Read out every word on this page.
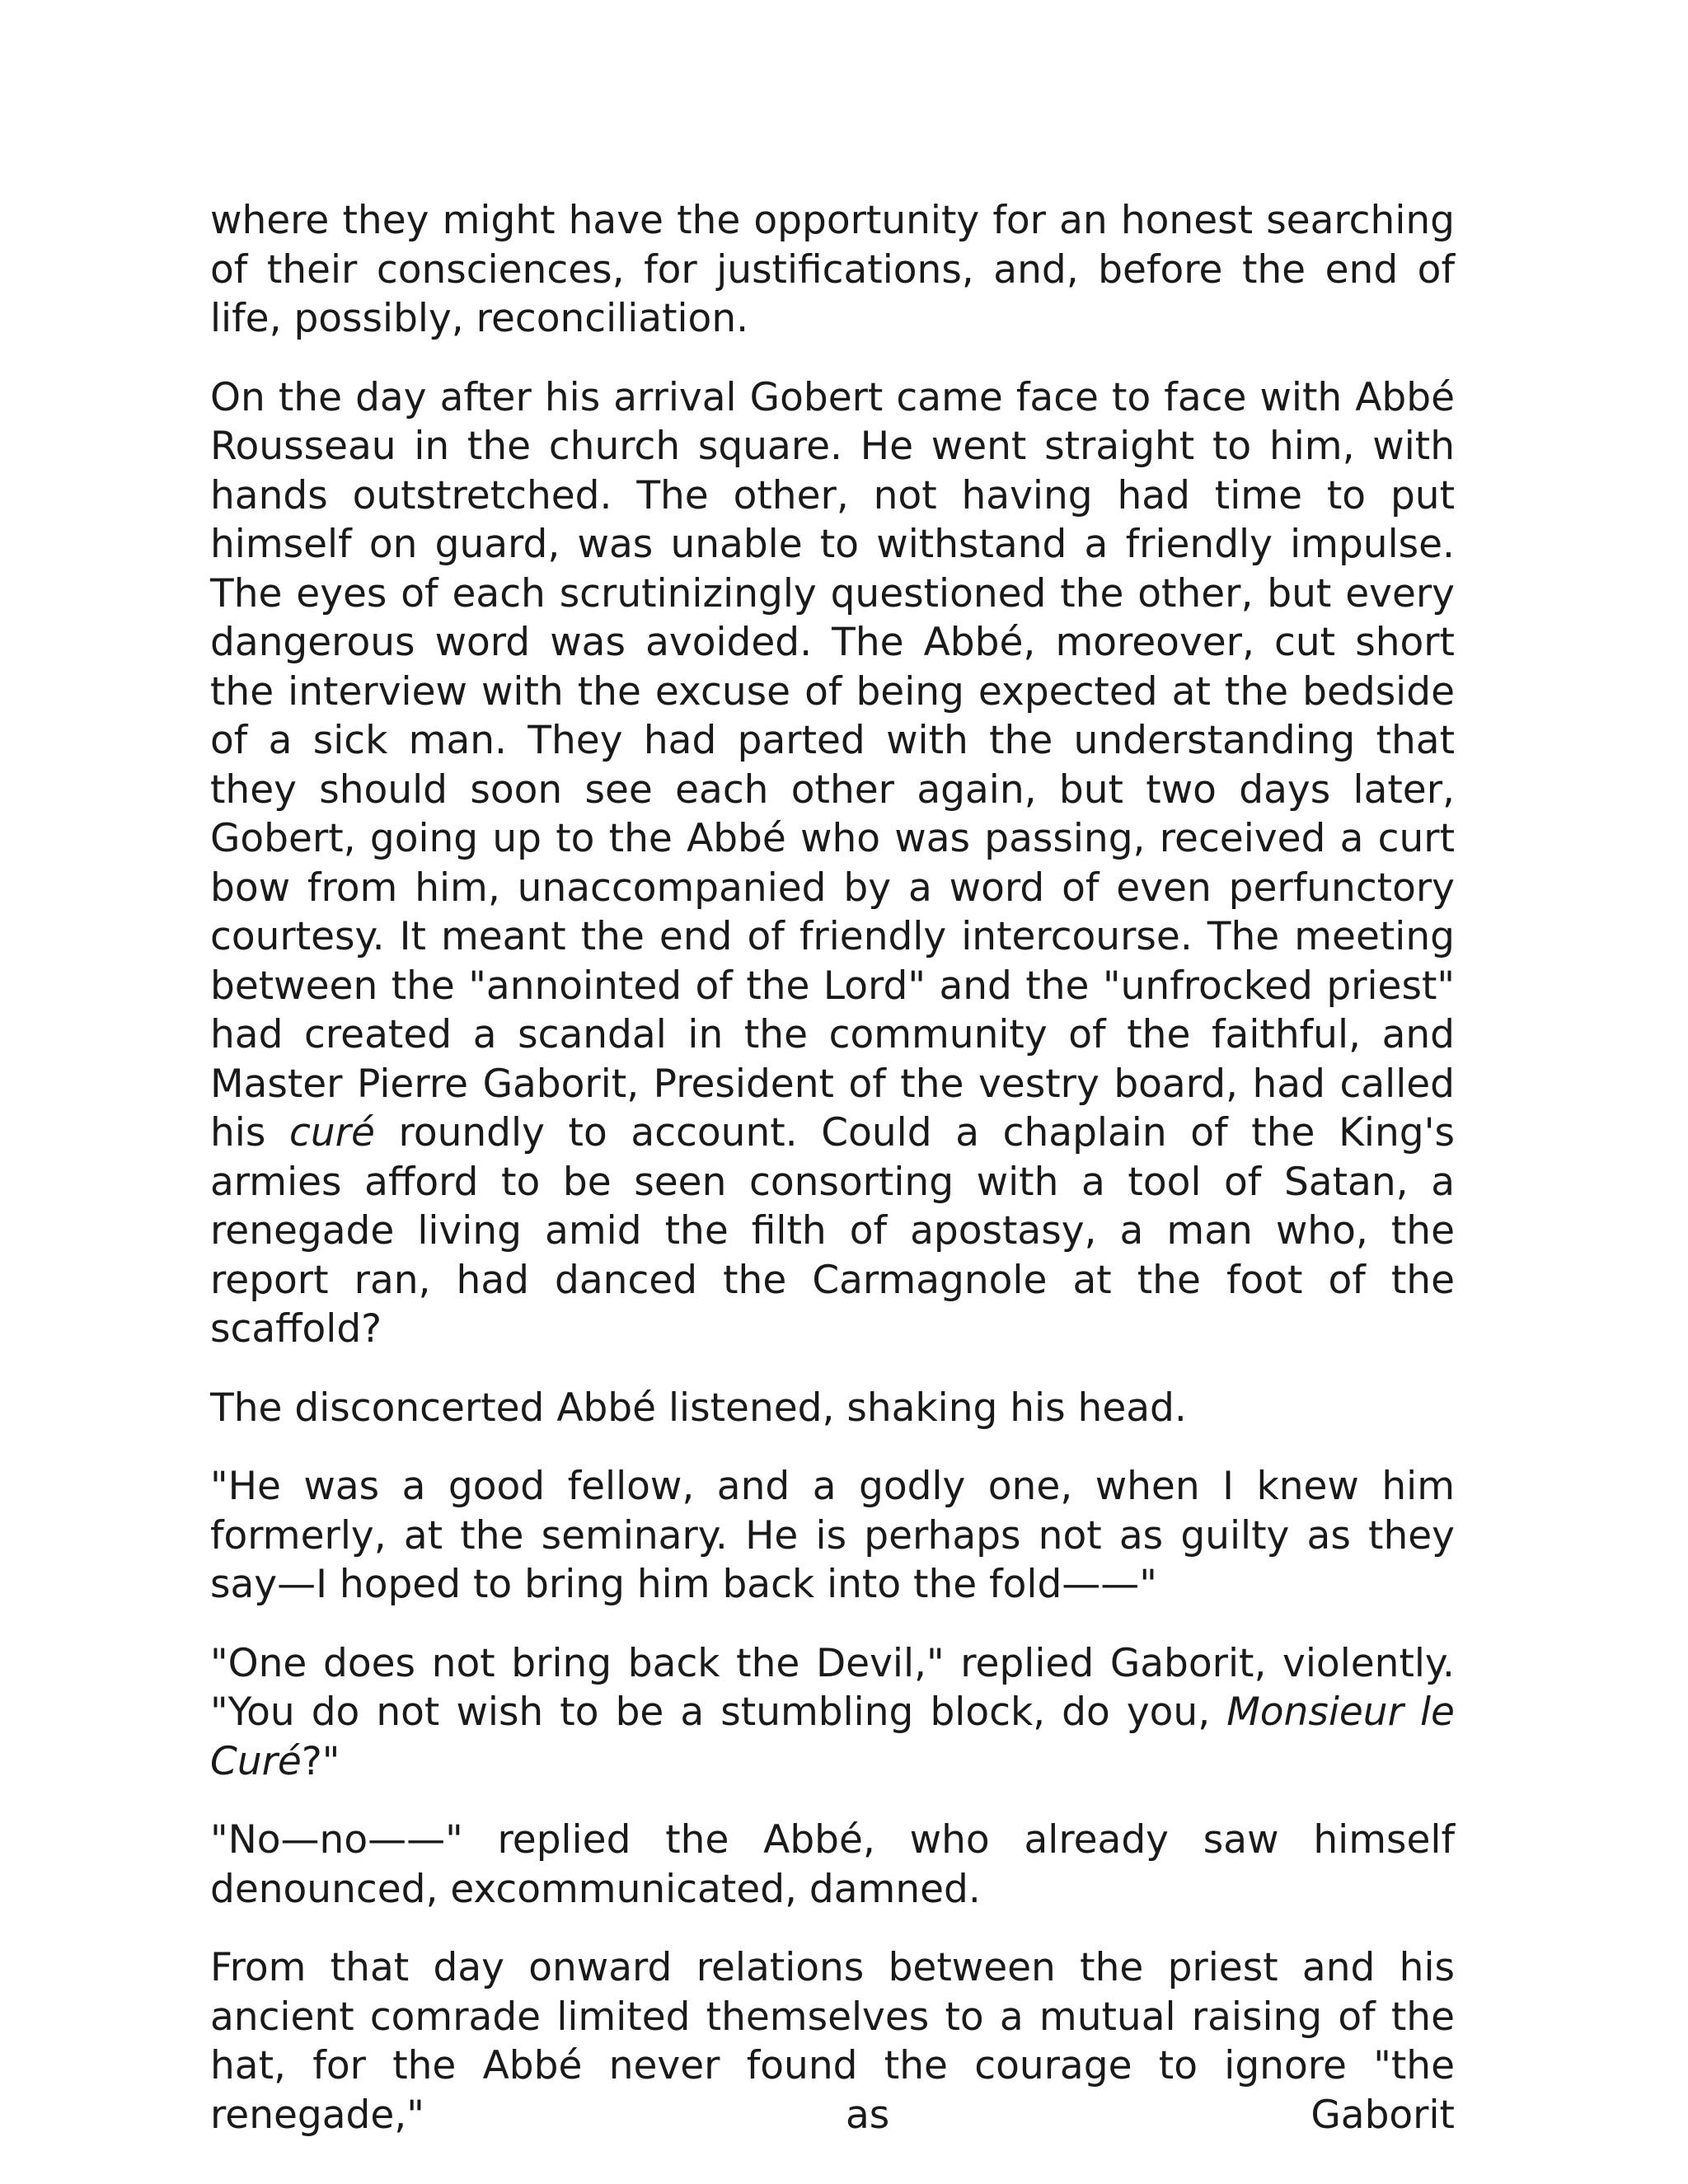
where they might have the opportunity for an honest searching of their consciences, for justifications, and, before the end of life, possibly, reconciliation.

On the day after his arrival Gobert came face to face with Abbé Rousseau in the church square. He went straight to him, with hands outstretched. The other, not having had time to put himself on guard, was unable to withstand a friendly impulse. The eyes of each scrutinizingly questioned the other, but every dangerous word was avoided. The Abbé, moreover, cut short the interview with the excuse of being expected at the bedside of a sick man. They had parted with the understanding that they should soon see each other again, but two days later, Gobert, going up to the Abbé who was passing, received a curt bow from him, unaccompanied by a word of even perfunctory courtesy. It meant the end of friendly intercourse. The meeting between the "annointed of the Lord" and the "unfrocked priest" had created a scandal in the community of the faithful, and Master Pierre Gaborit, President of the vestry board, had called his curé roundly to account. Could a chaplain of the King's armies afford to be seen consorting with a tool of Satan, a renegade living amid the filth of apostasy, a man who, the report ran, had danced the Carmagnole at the foot of the scaffold?

The disconcerted Abbé listened, shaking his head.

"He was a good fellow, and a godly one, when I knew him formerly, at the seminary. He is perhaps not as guilty as they say—I hoped to bring him back into the fold——"

"One does not bring back the Devil," replied Gaborit, violently. "You do not wish to be a stumbling block, do you, Monsieur le Curé?"

"No—no——" replied the Abbé, who already saw himself denounced, excommunicated, damned.

From that day onward relations between the priest and his ancient comrade limited themselves to a mutual raising of the hat, for the Abbé never found the courage to ignore "the renegade," as Gaborit
